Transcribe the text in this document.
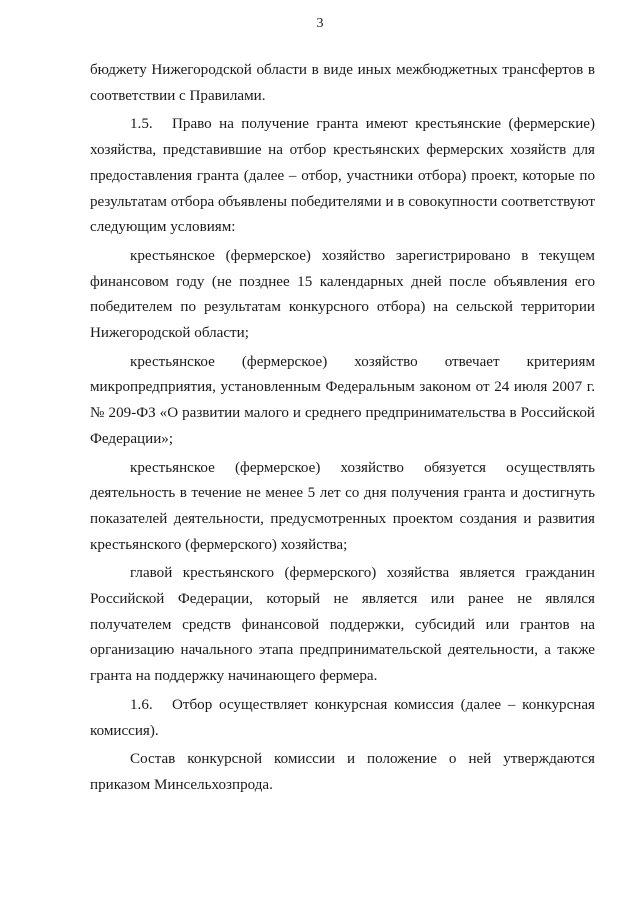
3

бюджету Нижегородской области в виде иных межбюджетных трансфертов в соответствии с Правилами.

1.5. Право на получение гранта имеют крестьянские (фермерские) хозяйства, представившие на отбор крестьянских фермерских хозяйств для предоставления гранта (далее – отбор, участники отбора) проект, которые по результатам отбора объявлены победителями и в совокупности соответствуют следующим условиям:

крестьянское (фермерское) хозяйство зарегистрировано в текущем финансовом году (не позднее 15 календарных дней после объявления его победителем по результатам конкурсного отбора) на сельской территории Нижегородской области;

крестьянское (фермерское) хозяйство отвечает критериям микропредприятия, установленным Федеральным законом от 24 июля 2007 г. № 209-ФЗ «О развитии малого и среднего предпринимательства в Российской Федерации»;

крестьянское (фермерское) хозяйство обязуется осуществлять деятельность в течение не менее 5 лет со дня получения гранта и достигнуть показателей деятельности, предусмотренных проектом создания и развития крестьянского (фермерского) хозяйства;

главой крестьянского (фермерского) хозяйства является гражданин Российской Федерации, который не является или ранее не являлся получателем средств финансовой поддержки, субсидий или грантов на организацию начального этапа предпринимательской деятельности, а также гранта на поддержку начинающего фермера.

1.6. Отбор осуществляет конкурсная комиссия (далее – конкурсная комиссия).

Состав конкурсной комиссии и положение о ней утверждаются приказом Минсельхозпрода.
